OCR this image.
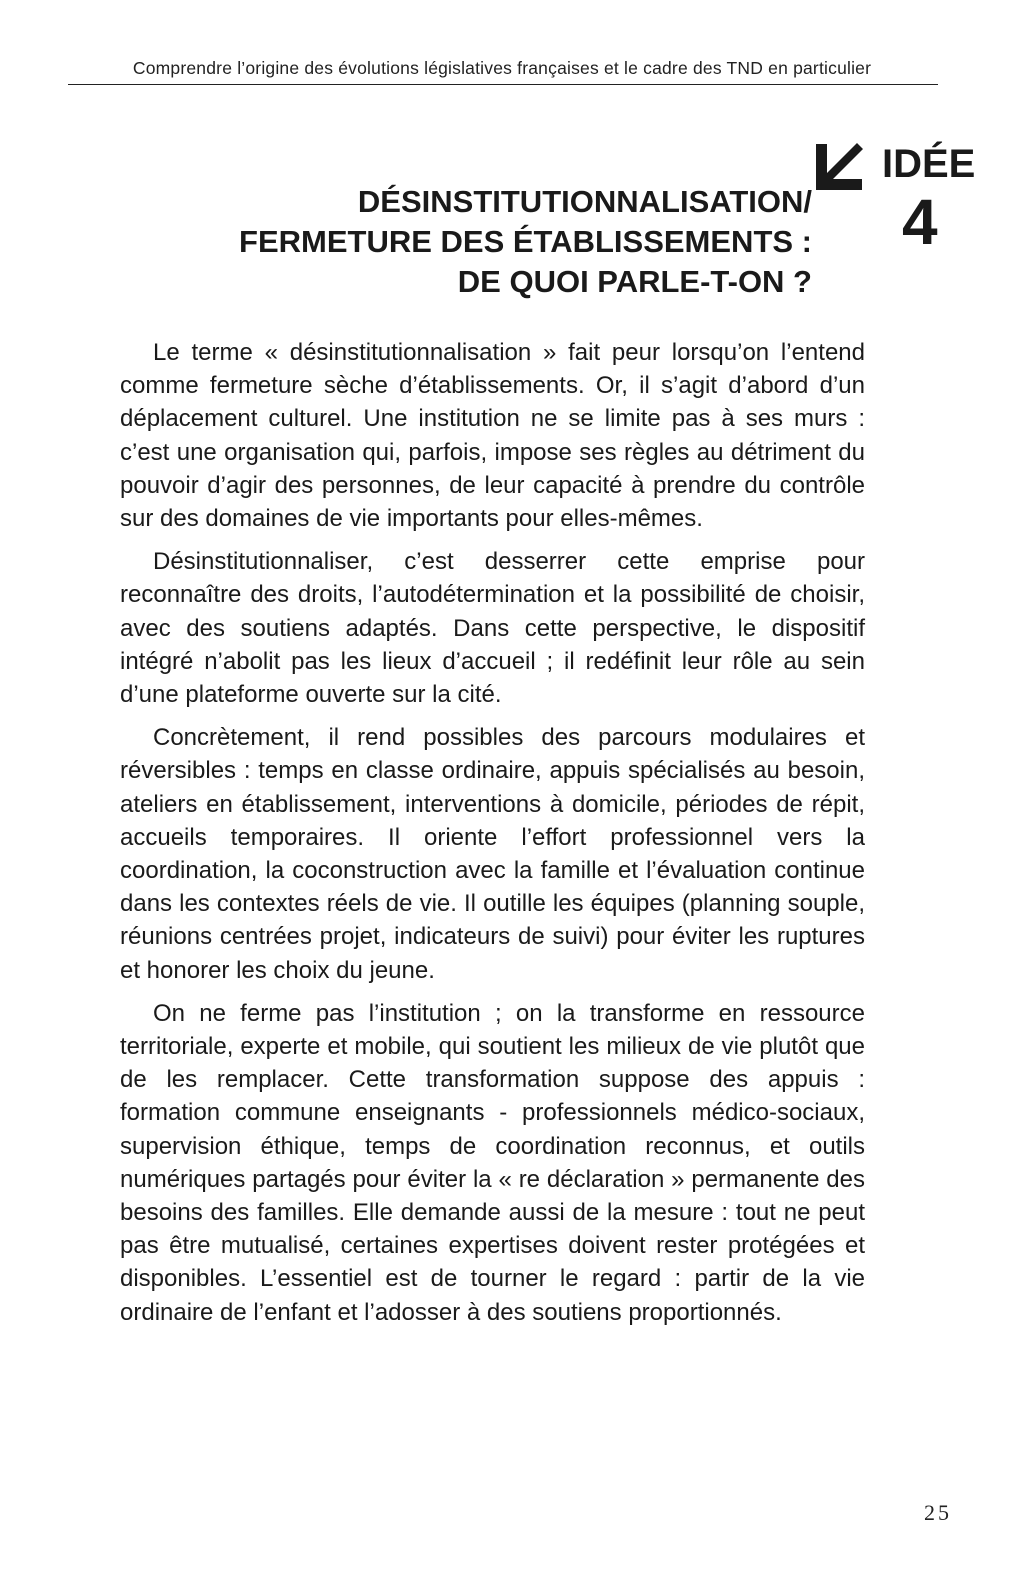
Comprendre l’origine des évolutions législatives françaises et le cadre des TND en particulier
IDÉE
4
DÉSINSTITUTIONNALISATION/
FERMETURE DES ÉTABLISSEMENTS :
DE QUOI PARLE-T-ON ?

Le terme « désinstitutionnalisation » fait peur lorsqu’on l’entend comme fermeture sèche d’établissements. Or, il s’agit d’abord d’un déplacement culturel. Une institution ne se limite pas à ses murs : c’est une organisation qui, parfois, impose ses règles au détriment du pouvoir d’agir des personnes, de leur capacité à prendre du contrôle sur des domaines de vie importants pour elles-mêmes.

Désinstitutionnaliser, c’est desserrer cette emprise pour reconnaître des droits, l’autodétermination et la possibilité de choisir, avec des soutiens adaptés. Dans cette perspective, le dispositif intégré n’abolit pas les lieux d’accueil ; il redéfinit leur rôle au sein d’une plateforme ouverte sur la cité.

Concrètement, il rend possibles des parcours modulaires et réversibles : temps en classe ordinaire, appuis spécialisés au besoin, ateliers en établissement, interventions à domicile, périodes de répit, accueils temporaires. Il oriente l’effort professionnel vers la coordination, la coconstruction avec la famille et l’évaluation continue dans les contextes réels de vie. Il outille les équipes (planning souple, réunions centrées projet, indicateurs de suivi) pour éviter les ruptures et honorer les choix du jeune.

On ne ferme pas l’institution ; on la transforme en ressource territoriale, experte et mobile, qui soutient les milieux de vie plutôt que de les remplacer. Cette transformation suppose des appuis : formation commune enseignants - professionnels médico-sociaux, supervision éthique, temps de coordination reconnus, et outils numériques partagés pour éviter la « re déclaration » permanente des besoins des familles. Elle demande aussi de la mesure : tout ne peut pas être mutualisé, certaines expertises doivent rester protégées et disponibles. L’essentiel est de tourner le regard : partir de la vie ordinaire de l’enfant et l’adosser à des soutiens proportionnés.

25
